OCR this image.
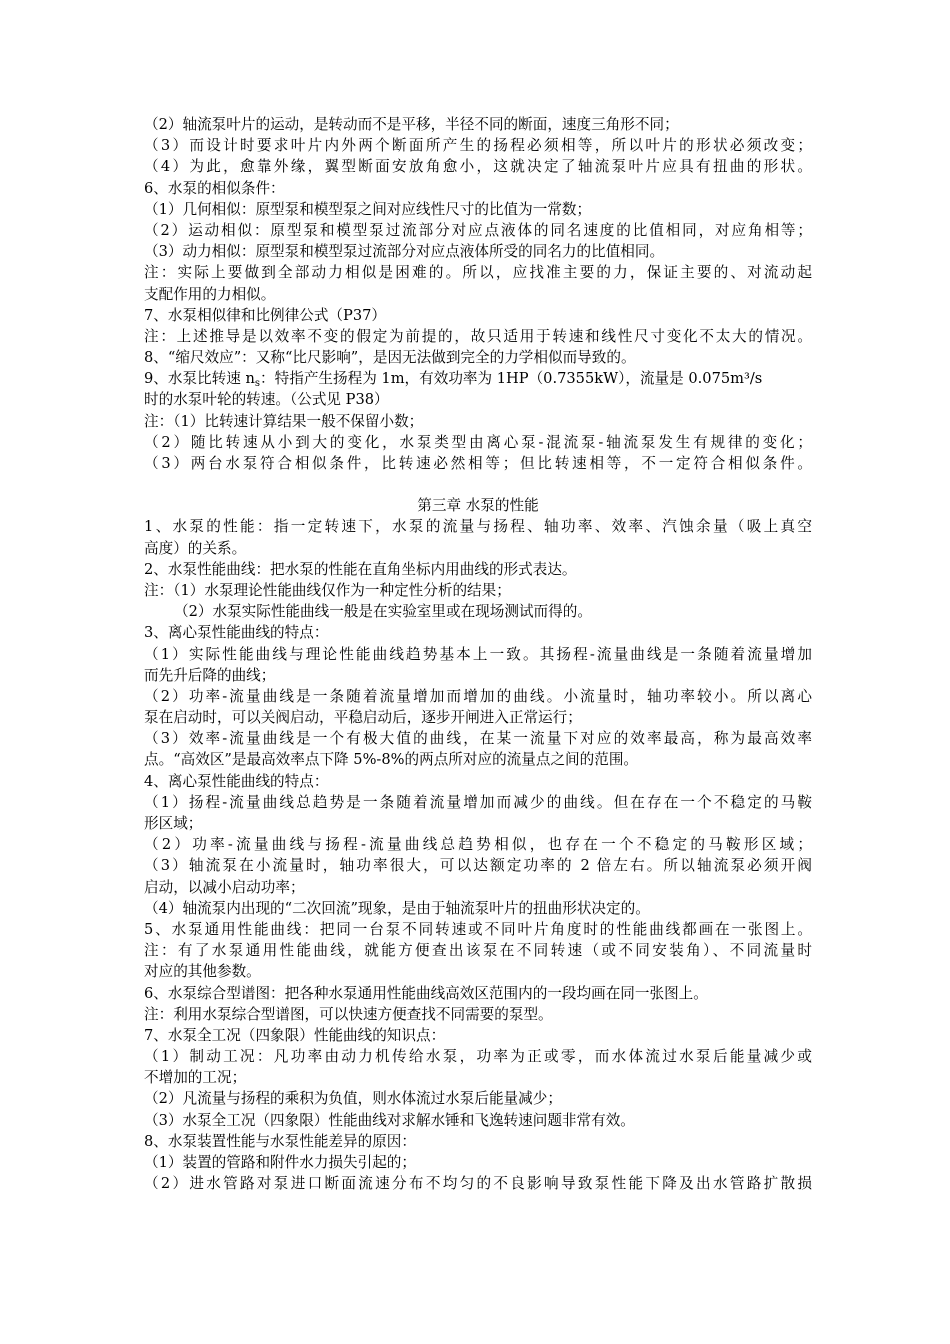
（2）轴流泵叶片的运动，是转动而不是平移，半径不同的断面，速度三角形不同；
（3）而设计时要求叶片内外两个断面所产生的扬程必须相等，所以叶片的形状必须改变；
（4）为此，愈靠外缘，翼型断面安放角愈小，这就决定了轴流泵叶片应具有扭曲的形状。
6、水泵的相似条件：
（1）几何相似：原型泵和模型泵之间对应线性尺寸的比值为一常数；
（2）运动相似：原型泵和模型泵过流部分对应点液体的同名速度的比值相同，对应角相等；
（3）动力相似：原型泵和模型泵过流部分对应点液体所受的同名力的比值相同。
注：实际上要做到全部动力相似是困难的。所以，应找准主要的力，保证主要的、对流动起
支配作用的力相似。
7、水泵相似律和比例律公式（P37）
注：上述推导是以效率不变的假定为前提的，故只适用于转速和线性尺寸变化不太大的情况。
8、“缩尺效应”：又称“比尺影响”，是因无法做到完全的力学相似而导致的。
9、水泵比转速 $n_s$：特指产生扬程为 1m，有效功率为 1HP（0.7355kW），流量是 0.075m³/s
时的水泵叶轮的转速。（公式见 P38）
注：（1）比转速计算结果一般不保留小数；
（2）随比转速从小到大的变化，水泵类型由离心泵-混流泵-轴流泵发生有规律的变化；
（3）两台水泵符合相似条件，比转速必然相等；但比转速相等，不一定符合相似条件。
第三章 水泵的性能
1、水泵的性能：指一定转速下，水泵的流量与扬程、轴功率、效率、汽蚀余量（吸上真空
高度）的关系。
2、水泵性能曲线：把水泵的性能在直角坐标内用曲线的形式表达。
注：（1）水泵理论性能曲线仅作为一种定性分析的结果；
（2）水泵实际性能曲线一般是在实验室里或在现场测试而得的。
3、离心泵性能曲线的特点：
（1）实际性能曲线与理论性能曲线趋势基本上一致。其扬程-流量曲线是一条随着流量增加
而先升后降的曲线；
（2）功率-流量曲线是一条随着流量增加而增加的曲线。小流量时，轴功率较小。所以离心
泵在启动时，可以关阀启动，平稳启动后，逐步开闸进入正常运行；
（3）效率-流量曲线是一个有极大值的曲线，在某一流量下对应的效率最高，称为最高效率
点。“高效区”是最高效率点下降 5%-8%的两点所对应的流量点之间的范围。
4、离心泵性能曲线的特点：
（1）扬程-流量曲线总趋势是一条随着流量增加而减少的曲线。但在存在一个不稳定的马鞍
形区域；
（2）功率-流量曲线与扬程-流量曲线总趋势相似，也存在一个不稳定的马鞍形区域；
（3）轴流泵在小流量时，轴功率很大，可以达额定功率的 2 倍左右。所以轴流泵必须开阀
启动，以减小启动功率；
（4）轴流泵内出现的“二次回流”现象，是由于轴流泵叶片的扭曲形状决定的。
5、水泵通用性能曲线：把同一台泵不同转速或不同叶片角度时的性能曲线都画在一张图上。
注：有了水泵通用性能曲线，就能方便查出该泵在不同转速（或不同安装角）、不同流量时
对应的其他参数。
6、水泵综合型谱图：把各种水泵通用性能曲线高效区范围内的一段均画在同一张图上。
注：利用水泵综合型谱图，可以快速方便查找不同需要的泵型。
7、水泵全工况（四象限）性能曲线的知识点：
（1）制动工况：凡功率由动力机传给水泵，功率为正或零，而水体流过水泵后能量减少或
不增加的工况；
（2）凡流量与扬程的乘积为负值，则水体流过水泵后能量减少；
（3）水泵全工况（四象限）性能曲线对求解水锤和飞逸转速问题非常有效。
8、水泵装置性能与水泵性能差异的原因：
（1）装置的管路和附件水力损失引起的；
（2）进水管路对泵进口断面流速分布不均匀的不良影响导致泵性能下降及出水管路扩散损
